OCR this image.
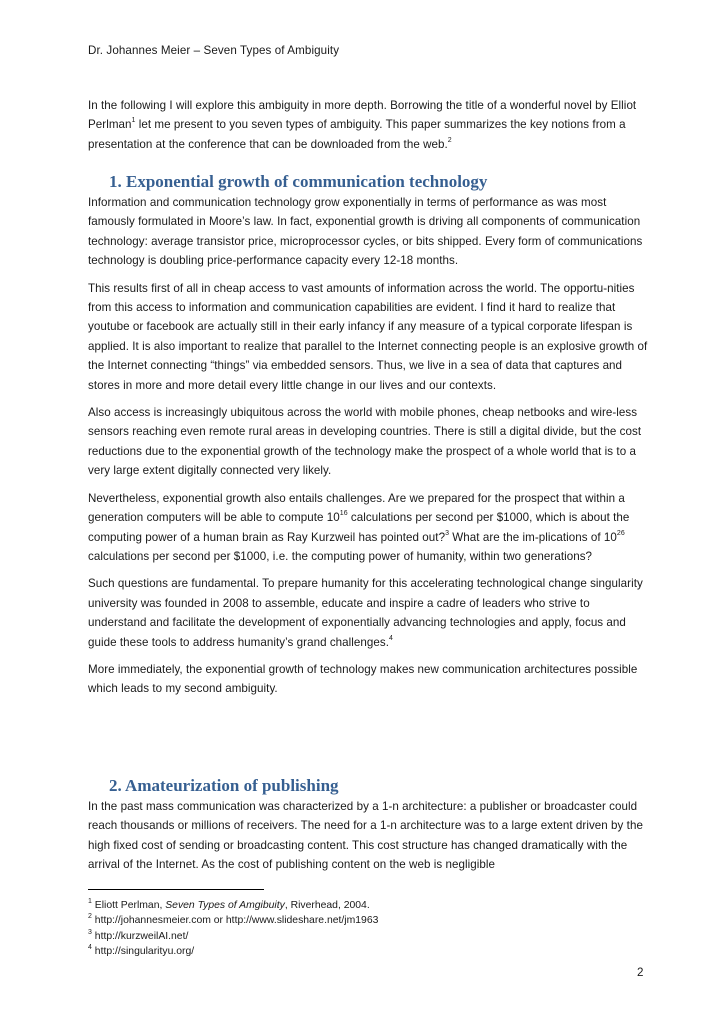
Dr. Johannes Meier – Seven Types of Ambiguity

In the following I will explore this ambiguity in more depth. Borrowing the title of a wonderful novel by Elliot Perlman$^1$ let me present to you seven types of ambiguity. This paper summarizes the key notions from a presentation at the conference that can be downloaded from the web.$^2$

1. Exponential growth of communication technology

Information and communication technology grow exponentially in terms of performance as was most famously formulated in Moore’s law. In fact, exponential growth is driving all components of communication technology: average transistor price, microprocessor cycles, or bits shipped. Every form of communications technology is doubling price-performance capacity every 12-18 months.

This results first of all in cheap access to vast amounts of information across the world. The opportu-nities from this access to information and communication capabilities are evident. I find it hard to realize that youtube or facebook are actually still in their early infancy if any measure of a typical corporate lifespan is applied. It is also important to realize that parallel to the Internet connecting people is an explosive growth of the Internet connecting “things” via embedded sensors. Thus, we live in a sea of data that captures and stores in more and more detail every little change in our lives and our contexts.

Also access is increasingly ubiquitous across the world with mobile phones, cheap netbooks and wire-less sensors reaching even remote rural areas in developing countries. There is still a digital divide, but the cost reductions due to the exponential growth of the technology make the prospect of a whole world that is to a very large extent digitally connected very likely.

Nevertheless, exponential growth also entails challenges. Are we prepared for the prospect that within a generation computers will be able to compute $10^{16}$ calculations per second per $1000, which is about the computing power of a human brain as Ray Kurzweil has pointed out?$^3$ What are the im-plications of $10^{26}$ calculations per second per $1000, i.e. the computing power of humanity, within two generations?

Such questions are fundamental. To prepare humanity for this accelerating technological change singularity university was founded in 2008 to assemble, educate and inspire a cadre of leaders who strive to understand and facilitate the development of exponentially advancing technologies and apply, focus and guide these tools to address humanity’s grand challenges.$^4$

More immediately, the exponential growth of technology makes new communication architectures possible which leads to my second ambiguity.

2. Amateurization of publishing

In the past mass communication was characterized by a 1-n architecture: a publisher or broadcaster could reach thousands or millions of receivers. The need for a 1-n architecture was to a large extent driven by the high fixed cost of sending or broadcasting content. This cost structure has changed dramatically with the arrival of the Internet. As the cost of publishing content on the web is negligible

$^1$ Eliott Perlman, Seven Types of Amgibuity, Riverhead, 2004.
$^2$ http://johannesmeier.com or http://www.slideshare.net/jm1963
$^3$ http://kurzweilAI.net/
$^4$ http://singularityu.org/
2
